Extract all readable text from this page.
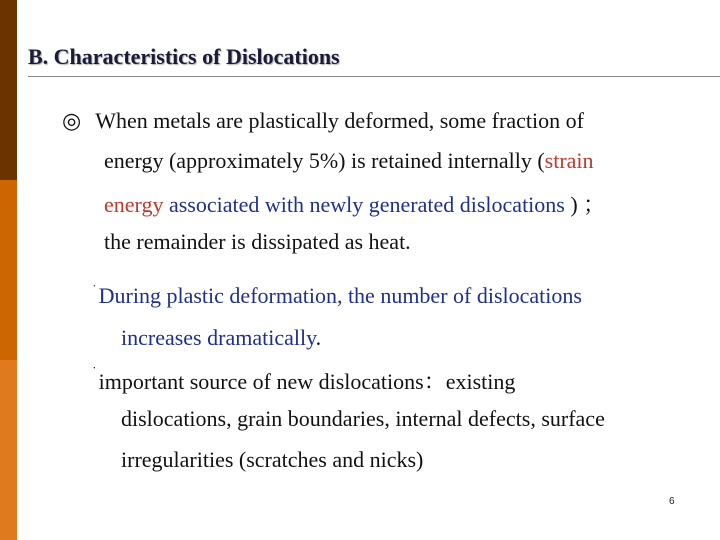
B. Characteristics of Dislocations
◎ When metals are plastically deformed, some fraction of
energy (approximately 5%) is retained internally (strain
energy associated with newly generated dislocations ) ；
the remainder is dissipated as heat.
˙During plastic deformation, the number of dislocations
increases dramatically.
˙important source of new dislocations：existing
dislocations, grain boundaries, internal defects, surface
irregularities (scratches and nicks)
6
